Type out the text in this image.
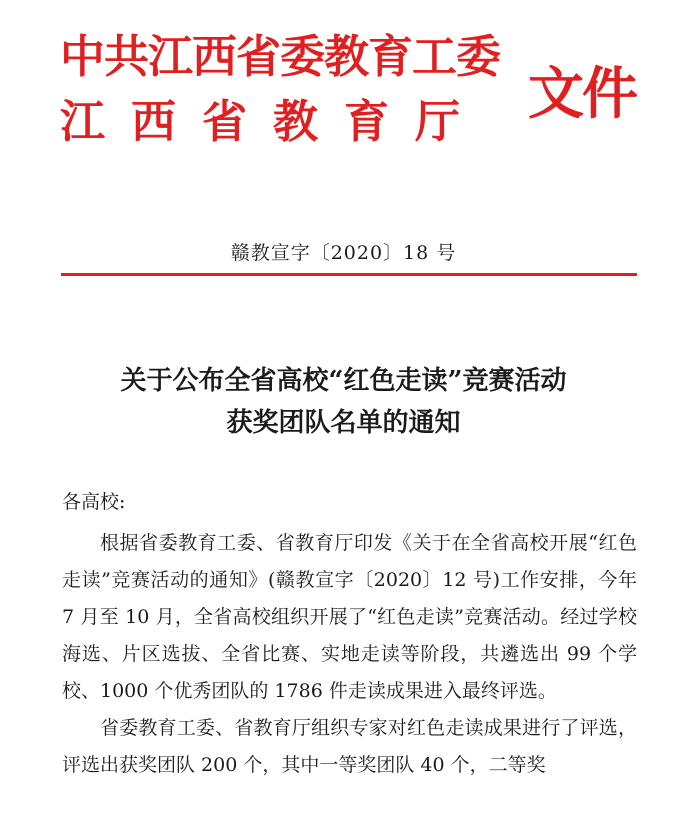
中共江西省委教育工委
江西省教育厅 文件
赣教宣字〔2020〕18 号
关于公布全省高校“红色走读”竞赛活动
获奖团队名单的通知
各高校:

根据省委教育工委、省教育厅印发《关于在全省高校开展“红色走读”竞赛活动的通知》(赣教宣字〔2020〕12 号)工作安排，今年 7 月至 10 月，全省高校组织开展了“红色走读”竞赛活动。经过学校海选、片区选拔、全省比赛、实地走读等阶段，共遴选出 99 个学校、1000 个优秀团队的 1786 件走读成果进入最终评选。

省委教育工委、省教育厅组织专家对红色走读成果进行了评选，评选出获奖团队 200 个，其中一等奖团队 40 个，二等奖
